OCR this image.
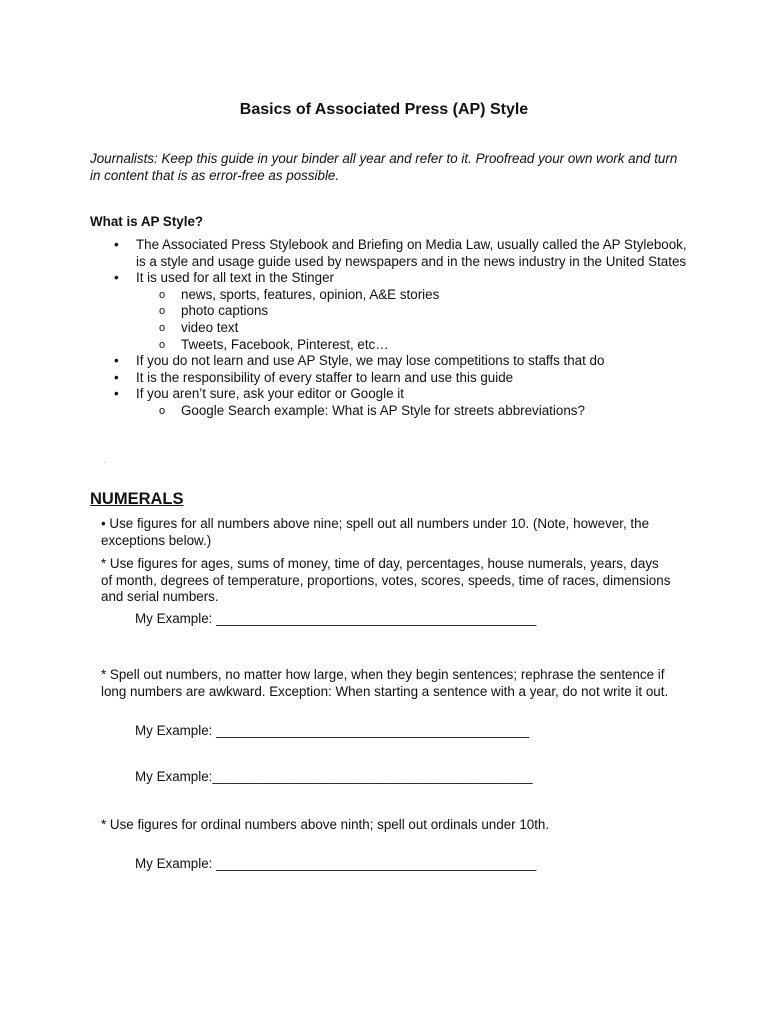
Basics of Associated Press (AP) Style
Journalists: Keep this guide in your binder all year and refer to it. Proofread your own work and turn in content that is as error-free as possible.
What is AP Style?
• The Associated Press Stylebook and Briefing on Media Law, usually called the AP Stylebook, is a style and usage guide used by newspapers and in the news industry in the United States
• It is used for all text in the Stinger
o news, sports, features, opinion, A&E stories
o photo captions
o video text
o Tweets, Facebook, Pinterest, etc…
• If you do not learn and use AP Style, we may lose competitions to staffs that do
• It is the responsibility of every staffer to learn and use this guide
• If you aren’t sure, ask your editor or Google it
o Google Search example: What is AP Style for streets abbreviations?
·
NUMERALS
• Use figures for all numbers above nine; spell out all numbers under 10. (Note, however, the exceptions below.)
* Use figures for ages, sums of money, time of day, percentages, house numerals, years, days of month, degrees of temperature, proportions, votes, scores, speeds, time of races, dimensions and serial numbers.
My Example: ___________________________________________
* Spell out numbers, no matter how large, when they begin sentences; rephrase the sentence if long numbers are awkward. Exception: When starting a sentence with a year, do not write it out.
My Example: __________________________________________
My Example:___________________________________________
* Use figures for ordinal numbers above ninth; spell out ordinals under 10th.
My Example: ___________________________________________
